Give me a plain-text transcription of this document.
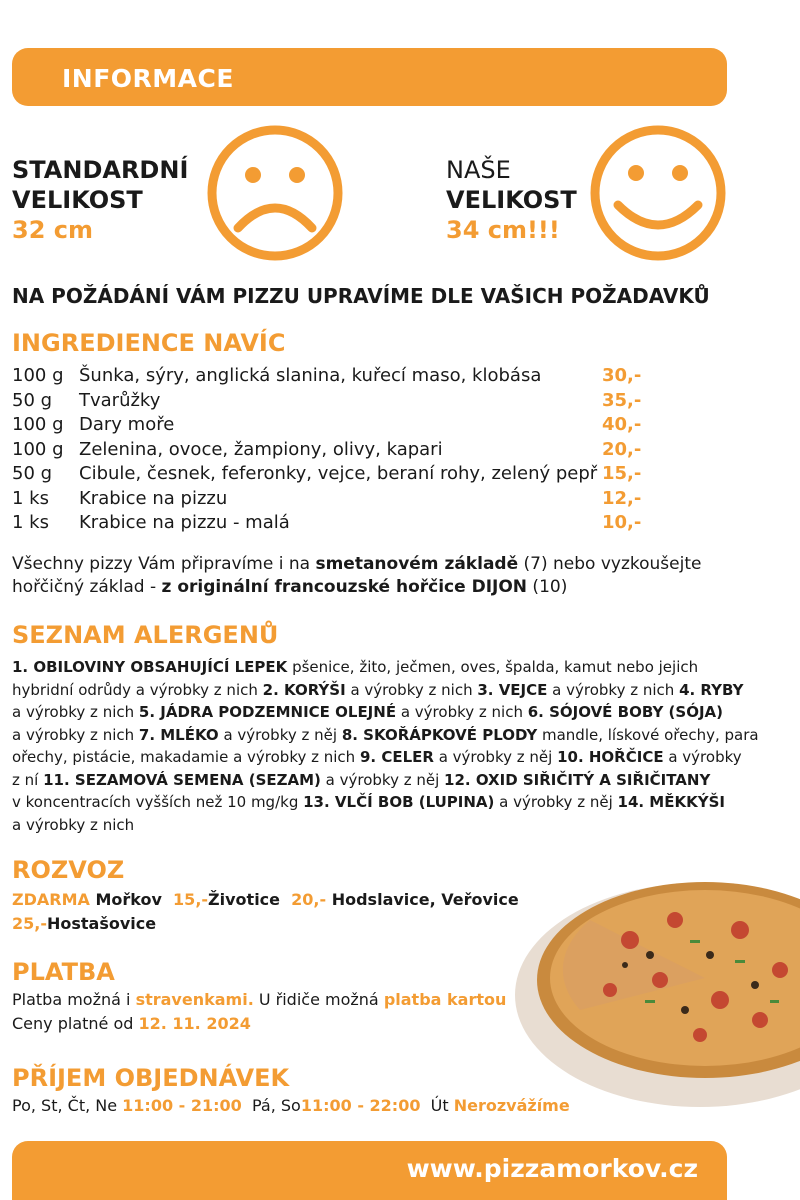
INFORMACE
STANDARDNÍ
VELIKOST
32 cm
NAŠE
VELIKOST
34 cm!!!
NA POŽÁDÁNÍ VÁM PIZZU UPRAVÍME DLE VAŠICH POŽADAVKŮ
INGREDIENCE NAVÍC
100 g Šunka, sýry, anglická slanina, kuřecí maso, klobása	30,-
50 g Tvarůžky	35,-
100 g Dary moře	40,-
100 g Zelenina, ovoce, žampiony, olivy, kapari	20,-
50 g Cibule, česnek, feferonky, vejce, beraní rohy, zelený pepř 15,-
1 ks Krabice na pizzu	12,-
1 ks Krabice na pizzu - malá	10,-
Všechny pizzy Vám připravíme i na smetanovém základě (7) nebo vyzkoušejte
hořčičný základ - z originální francouzské hořčice DIJON (10)
SEZNAM ALERGENŮ
1. OBILOVINY OBSAHUJÍCÍ LEPEK pšenice, žito, ječmen, oves, špalda, kamut nebo jejich
hybridní odrůdy a výrobky z nich 2. KORÝŠI a výrobky z nich 3. VEJCE a výrobky z nich 4. RYBY
a výrobky z nich 5. JÁDRA PODZEMNICE OLEJNÉ a výrobky z nich 6. SÓJOVÉ BOBY (SÓJA)
a výrobky z nich 7. MLÉKO a výrobky z něj 8. SKOŘÁPKOVÉ PLODY mandle, lískové ořechy, para
ořechy, pistácie, makadamie a výrobky z nich 9. CELER a výrobky z něj 10. HOŘČICE a výrobky
z ní 11. SEZAMOVÁ SEMENA (SEZAM) a výrobky z něj 12. OXID SIŘIČITÝ A SIŘIČITANY
v koncentracích vyšších než 10 mg/kg 13. VLČÍ BOB (LUPINA) a výrobky z něj 14. MĚKKÝŠI
a výrobky z nich
ROZVOZ
ZDARMA Mořkov 15,-Životice 20,- Hodslavice, Veřovice
25,-Hostašovice
PLATBA
Platba možná i stravenkami. U řidiče možná platba kartou
Ceny platné od 12. 11. 2024
PŘÍJEM OBJEDNÁVEK
Po, St, Čt, Ne 11:00 - 21:00 Pá, So11:00 - 22:00 Út Nerozvážíme
www.pizzamorkov.cz
